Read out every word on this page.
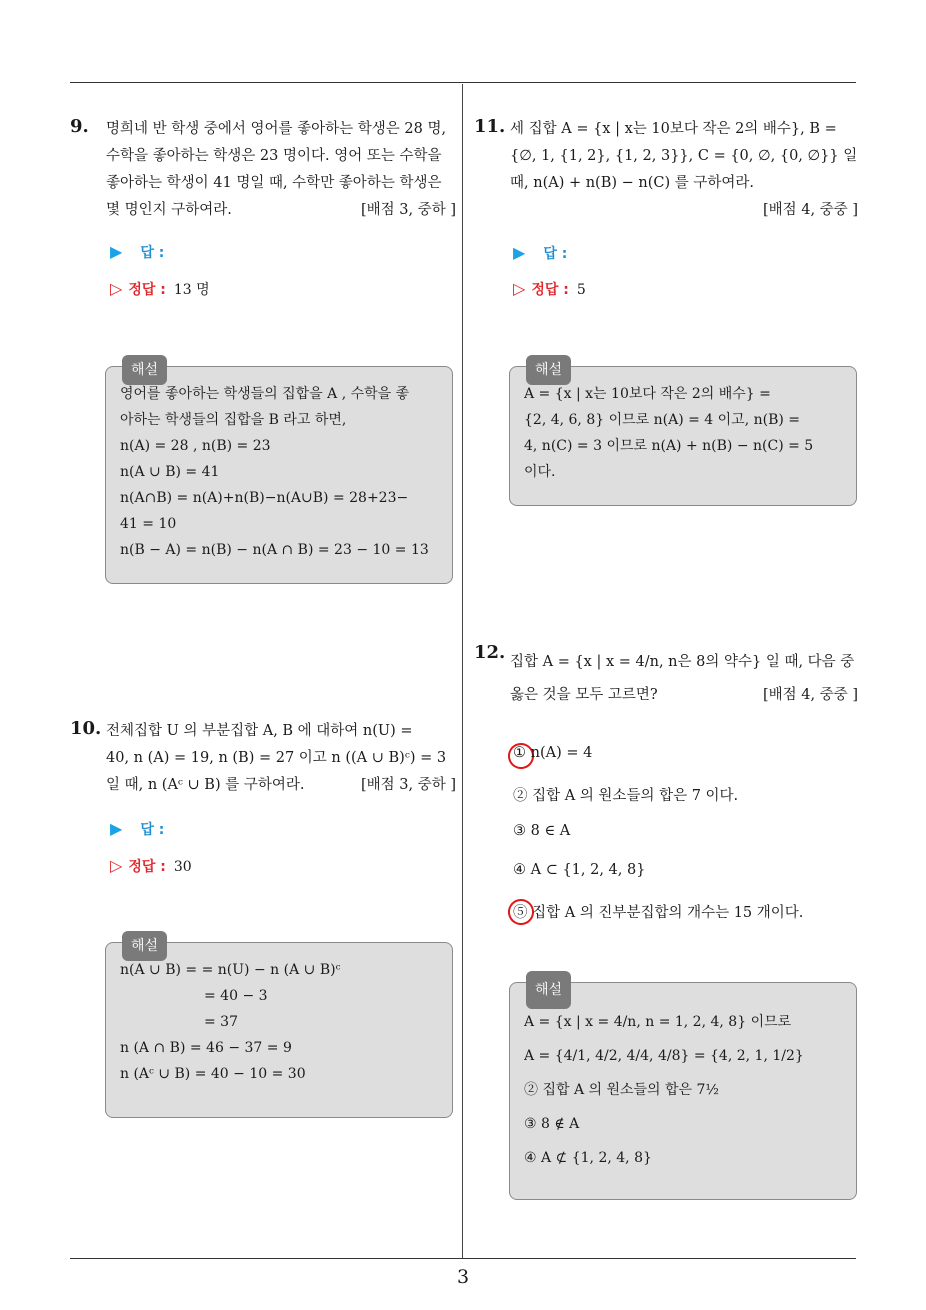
3
9. 명희네 반 학생 중에서 영어를 좋아하는 학생은 28 명,
수학을 좋아하는 학생은 23 명이다. 영어 또는 수학을
좋아하는 학생이 41 명일 때, 수학만 좋아하는 학생은
몇 명인지 구하여라.	[배점 3, 중하 ]
▶ 답 :
▷ 정답 : 13 명
해설
영어를 좋아하는 학생들의 집합을 A , 수학을 좋
아하는 학생들의 집합을 B 라고 하면,
n(A) = 28 , n(B) = 23
n(A ∪ B) = 41
n(A∩B) = n(A)+n(B)−n(A∪B) = 28+23−
41 = 10
n(B − A) = n(B) − n(A ∩ B) = 23 − 10 = 13
10. 전체집합 U 의 부분집합 A, B 에 대하여 n(U) =
40, n (A) = 19, n (B) = 27 이고 n ((A ∪ B)ᶜ) = 3
일 때, n (Aᶜ ∪ B) 를 구하여라.	[배점 3, 중하 ]
▶ 답 :
▷ 정답 : 30
해설
n(A ∪ B) = = n(U) − n (A ∪ B)ᶜ
= 40 − 3
= 37
n (A ∩ B) = 46 − 37 = 9
n (Aᶜ ∪ B) = 40 − 10 = 30
11. 세 집합 A = {x | x는 10보다 작은 2의 배수}, B =
{∅, 1, {1, 2}, {1, 2, 3}}, C = {0, ∅, {0, ∅}} 일
때, n(A) + n(B) − n(C) 를 구하여라.
[배점 4, 중중 ]
▶ 답 :
▷ 정답 : 5
해설
A = {x | x는 10보다 작은 2의 배수} =
{2, 4, 6, 8} 이므로 n(A) = 4 이고, n(B) =
4, n(C) = 3 이므로 n(A) + n(B) − n(C) = 5
이다.
12. 집합 A = {x | x = 4/n, n은 8의 약수} 일 때, 다음 중
옳은 것을 모두 고르면?	[배점 4, 중중 ]
① n(A) = 4
② 집합 A 의 원소들의 합은 7 이다.
③ 8 ∈ A
④ A ⊂ {1, 2, 4, 8}
⑤ 집합 A 의 진부분집합의 개수는 15 개이다.
해설
A = {x | x = 4/n, n = 1, 2, 4, 8} 이므로
A = {4/1, 4/2, 4/4, 4/8} = {4, 2, 1, 1/2}
② 집합 A 의 원소들의 합은 7½
③ 8 ∉ A
④ A ⊄ {1, 2, 4, 8}
